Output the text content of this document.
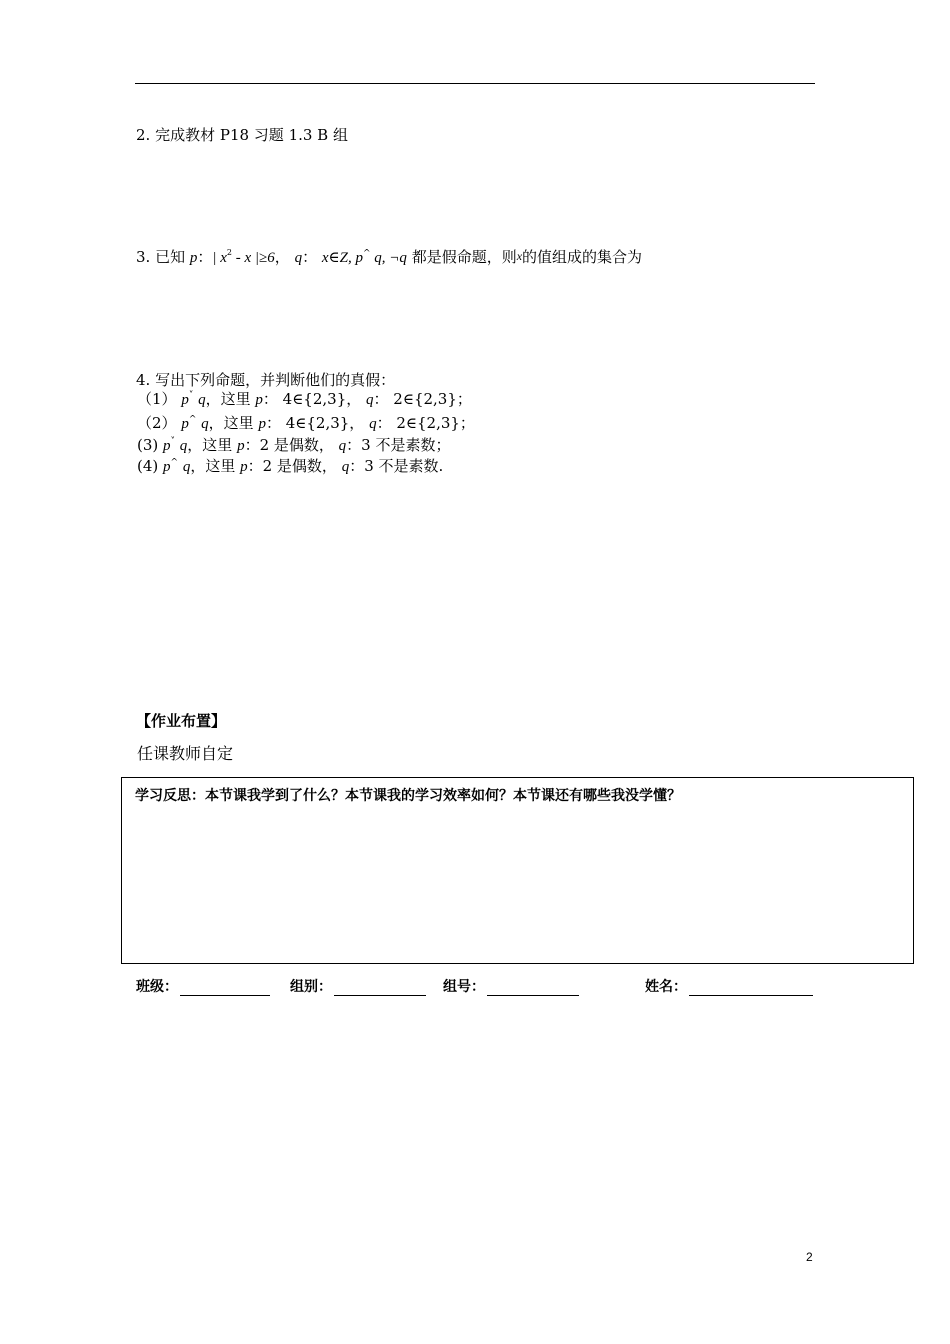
2. 完成教材 P18 习题 1.3 B 组
3. 已知 p：| $x^2$ - x |≥6， q： x∈Z, p^ q, ¬q 都是假命题，则x的值组成的集合为
4. 写出下列命题，并判断他们的真假：
（1） p˅ q，这里 p： 4∈{2,3}， q： 2∈{2,3}；
（2） p^ q，这里 p： 4∈{2,3}， q： 2∈{2,3}；
(3) p˅ q，这里 p：2 是偶数， q：3 不是素数；
(4) p^ q，这里 p：2 是偶数， q：3 不是素数.
【作业布置】
任课教师自定
学习反思：本节课我学到了什么？本节课我的学习效率如何？本节课还有哪些我没学懂？
班级：	组别：	组号：	姓名：
2
